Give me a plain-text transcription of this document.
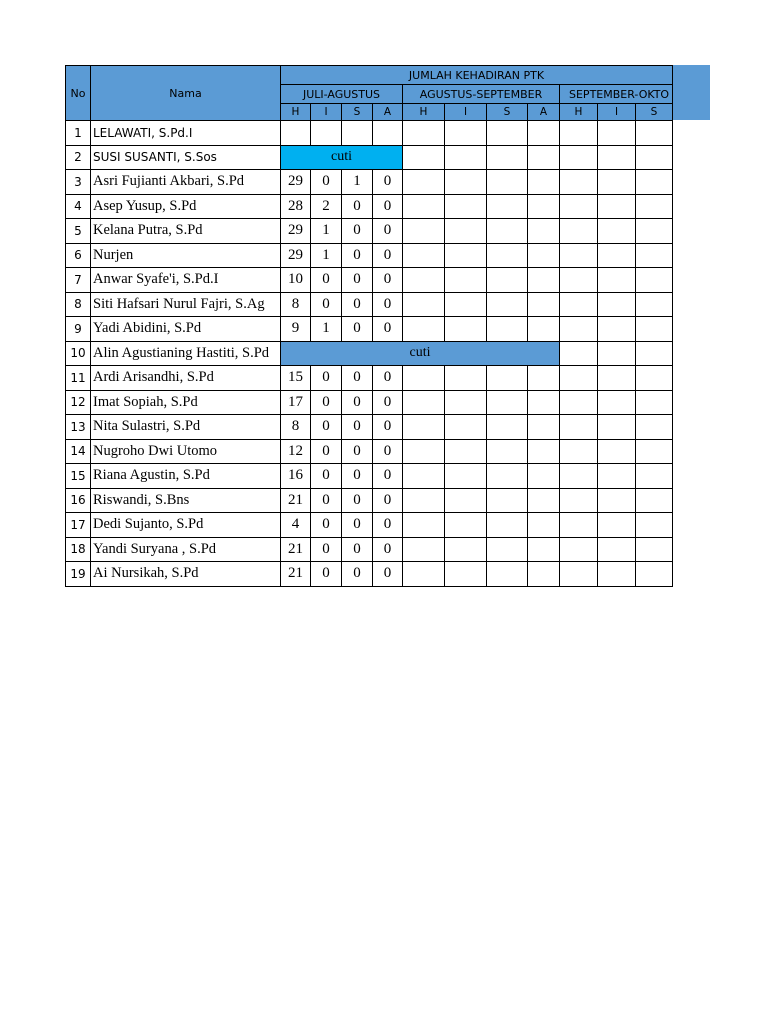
No	Nama	JUMLAH KEHADIRAN PTK										
		JULI-AGUSTUS				AGUSTUS-SEPTEMBER				SEPTEMBER-OKTO		
		H	I	S	A	H	I	S	A	H	I	S
1	LELAWATI, S.Pd.I											
2	SUSI SUSANTI, S.Sos	cuti										
3	Asri Fujianti Akbari, S.Pd	29	0	1	0							
4	Asep Yusup, S.Pd	28	2	0	0							
5	Kelana Putra, S.Pd	29	1	0	0							
6	Nurjen	29	1	0	0							
7	Anwar Syafe'i, S.Pd.I	10	0	0	0							
8	Siti Hafsari Nurul Fajri, S.Ag	8	0	0	0							
9	Yadi Abidini, S.Pd	9	1	0	0							
10	Alin Agustianing Hastiti, S.Pd	cuti										
11	Ardi Arisandhi, S.Pd	15	0	0	0							
12	Imat Sopiah, S.Pd	17	0	0	0							
13	Nita Sulastri, S.Pd	8	0	0	0							
14	Nugroho Dwi Utomo	12	0	0	0							
15	Riana Agustin, S.Pd	16	0	0	0							
16	Riswandi, S.Bns	21	0	0	0							
17	Dedi Sujanto, S.Pd	4	0	0	0							
18	Yandi Suryana , S.Pd	21	0	0	0							
19	Ai Nursikah, S.Pd	21	0	0	0							
